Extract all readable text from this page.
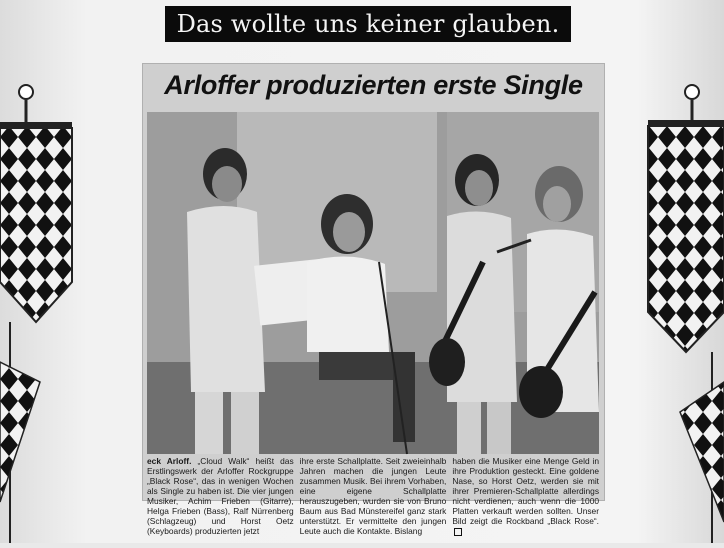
Das wollte uns keiner glauben.
Arloffer produzierten erste Single
eck Arloff. „Cloud Walk“ heißt das Erstlingswerk der Arloffer Rockgruppe „Black Rose“, das in wenigen Wochen als Single zu haben ist. Die vier jungen Musiker, Achim Frieben (Gitarre), Helga Frieben (Bass), Ralf Nürrenberg (Schlagzeug) und Horst Oetz (Keyboards) produzierten jetzt
ihre erste Schallplatte. Seit zweieinhalb Jahren machen die jungen Leute zusammen Musik. Bei ihrem Vorhaben, eine eigene Schallplatte herauszugeben, wurden sie von Bruno Baum aus Bad Münstereifel ganz stark unterstützt. Er vermittelte den jungen Leute auch die Kontakte. Bislang
haben die Musiker eine Menge Geld in ihre Produktion gesteckt. Eine goldene Nase, so Horst Oetz, werden sie mit ihrer Premieren-Schallplatte allerdings nicht verdienen, auch wenn die 1000 Platten verkauft werden sollten. Unser Bild zeigt die Rockband „Black Rose“.
